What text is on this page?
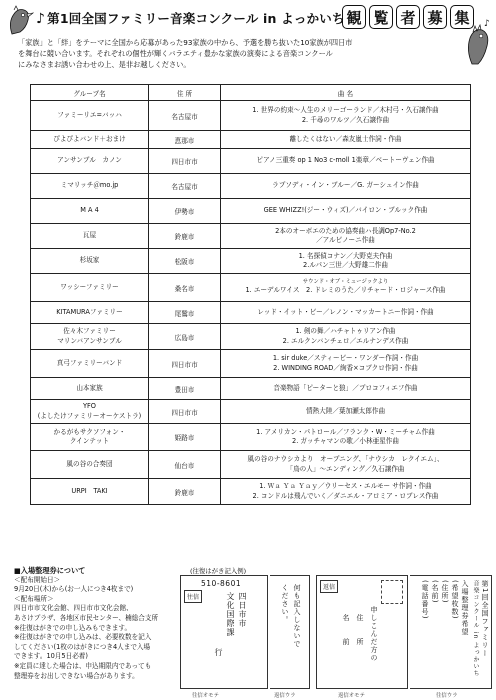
♪ 第1回全国ファミリー音楽コンクール in よっかいち 観 覧 者 募 集	♪
「家族」と「絆」をテーマに全国から応募があった93家族の中から、予選を勝ち抜いた10家族が四日市
を舞台に競い合います。それぞれの個性が輝くバラエティ豊かな家族の演奏による音楽コンクール
にみなさまお誘い合わせの上、是非お越しください。
グループ名	住 所	曲 名

ファミーリエ=バッハ	名古屋市	1. 世界の約束～人生のメリーゴーランド／木村弓・久石譲作曲
2. 千尋のワルツ／久石譲作曲

ぴよぴよバンド＋おまけ	恵那市	離したくはない／森友嵐士作詞・作曲

アンサンブル　カノン	四日市市	ピアノ三重奏 op 1 No3 c-moll 1楽章／ベートーヴェン作曲

ミマリッチ＠mo.jp	名古屋市	ラプソディ・イン・ブルー／G. ガーシュイン作曲

M A 4	伊勢市	GEE WHIZZ!(ジー・ウィズ)／バイロン・ブルック作曲

瓦屋	鈴鹿市	2本のオーボエのための協奏曲ハ長調Op7-No.2
／アルビノーニ作曲

杉坂家	松阪市	1. 名探偵コナン／大野克夫作曲
2.ルパン三世／大野雄二作曲

ワッシーファミリー	桑名市	サウンド・オブ・ミュージックより
1. エーデルワイス　2. ドレミのうた／リチャード・ロジャース作曲

KITAMURAファミリー	尾鷲市	レッド・イット・ビー／レノン・マッカートニー作詞・作曲

佐々木ファミリー
マリンバアンサンブル	広島市	1. 剣の舞／ハチャトゥリアン作曲
2. エルクンバンチェロ／エルナンデス作曲

真弓ファミリーバンド	四日市市	1. sir duke／スティービー・ワンダー作詞・作曲
2. WINDING ROAD／絢香×コブクロ作詞・作曲

山本家族	豊田市	音楽物語「ピーターと狼」／プロコフィエフ作曲

YFO
(よしたけファミリーオーケストラ)	四日市市	情熱大陸／葉加瀬太郎作曲

かるがもサクソフォン・
クインテット	姫路市	1. アメリカン・パトロール／フランク・W・ミーチャム作曲
2. ガッチャマンの歌／小林亜星作曲

風の谷の合奏団	仙台市	風の谷のナウシカより　オープニング、「ナウシカ　レクイエム」、
「鳥の人」～エンディング／久石譲作曲

URPI　TAKI	鈴鹿市	1. Ｗａ Ｙａ Ｙａｙ／ウリーセス・エルモー サ作詞・作曲
2. コンドルは飛んでいく／ダニエル・アロミア・ロブレス作曲
■入場整理券について
＜配布開始日＞
9月20日(木)から(お一人につき4枚まで)
＜配布場所＞
四日市市文化会館、四日市市文化会館、
あさけプラザ、各地区市民センター、楠総合支所
※往復はがきでの申し込みもできます。
※往復はがきでの申し込みは、必要枚数を記入
してください(1枚のはがきにつき4人まで入場
できます。10月5日必着)
※定員に達した場合は、申込期限内であっても
整理券をお出しできない場合があります。
(往復はがき記入例)
往信
510-8601
四日市市
文化国際課
行
何も記入しないで
ください。	返信
申しこんだ方の
住
所
名
前	第1回全国ファミリー
音楽コンクール in よっかいち
入場整理券希望
(希望枚数)
(住所)
(名前)
(電話番号)
往信オモテ	返信ウラ	返信オモテ	往信ウラ
